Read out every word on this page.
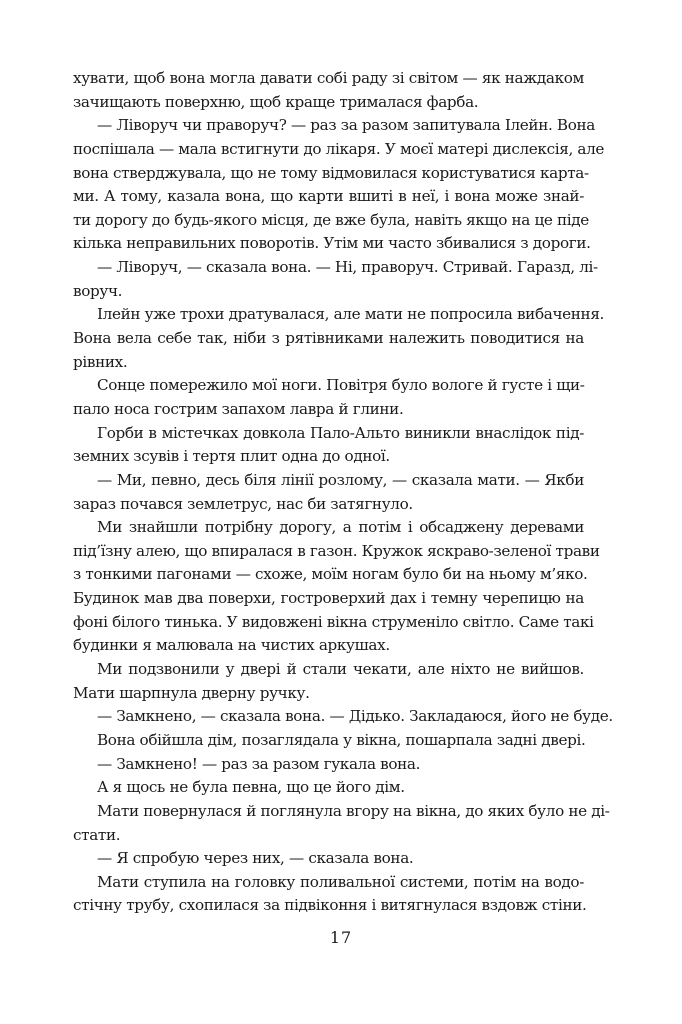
хувати, щоб вона могла давати собі раду зі світом — як наждаком
зачищають поверхню, щоб краще трималася фарба.
— Ліворуч чи праворуч? — раз за разом запитувала Ілейн. Вона
поспішала — мала встигнути до лікаря. У моєї матері дислексія, але
вона стверджувала, що не тому відмовилася користуватися карта-
ми. А тому, казала вона, що карти вшиті в неї, і вона може знай-
ти дорогу до будь-якого місця, де вже була, навіть якщо на це піде
кілька неправильних поворотів. Утім ми часто збивалися з дороги.
— Ліворуч, — сказала вона. — Ні, праворуч. Стривай. Гаразд, лі-
воруч.
Ілейн уже трохи дратувалася, але мати не попросила вибачення.
Вона вела себе так, ніби з рятівниками належить поводитися на
рівних.
Сонце помережило мої ноги. Повітря було вологе й густе і щи-
пало носа гострим запахом лавра й глини.
Горби в містечках довкола Пало-Альто виникли внаслідок під-
земних зсувів і тертя плит одна до одної.
— Ми, певно, десь біля лінії розлому, — сказала мати. — Якби
зараз почався землетрус, нас би затягнуло.
Ми знайшли потрібну дорогу, а потім і обсаджену деревами
під’їзну алею, що впиралася в газон. Кружок яскраво-зеленої трави
з тонкими пагонами — схоже, моїм ногам було би на ньому м’яко.
Будинок мав два поверхи, гостроверхий дах і темну черепицю на
фоні білого тинька. У видовжені вікна струменіло світло. Саме такі
будинки я малювала на чистих аркушах.
Ми подзвонили у двері й стали чекати, але ніхто не вийшов.
Мати шарпнула дверну ручку.
— Замкнено, — сказала вона. — Дідько. Закладаюся, його не буде.
Вона обійшла дім, позаглядала у вікна, пошарпала задні двері.
— Замкнено! — раз за разом гукала вона.
А я щось не була певна, що це його дім.
Мати повернулася й поглянула вгору на вікна, до яких було не ді-
стати.
— Я спробую через них, — сказала вона.
Мати ступила на головку поливальної системи, потім на водо-
стічну трубу, схопилася за підвіконня і витягнулася вздовж стіни.
17
